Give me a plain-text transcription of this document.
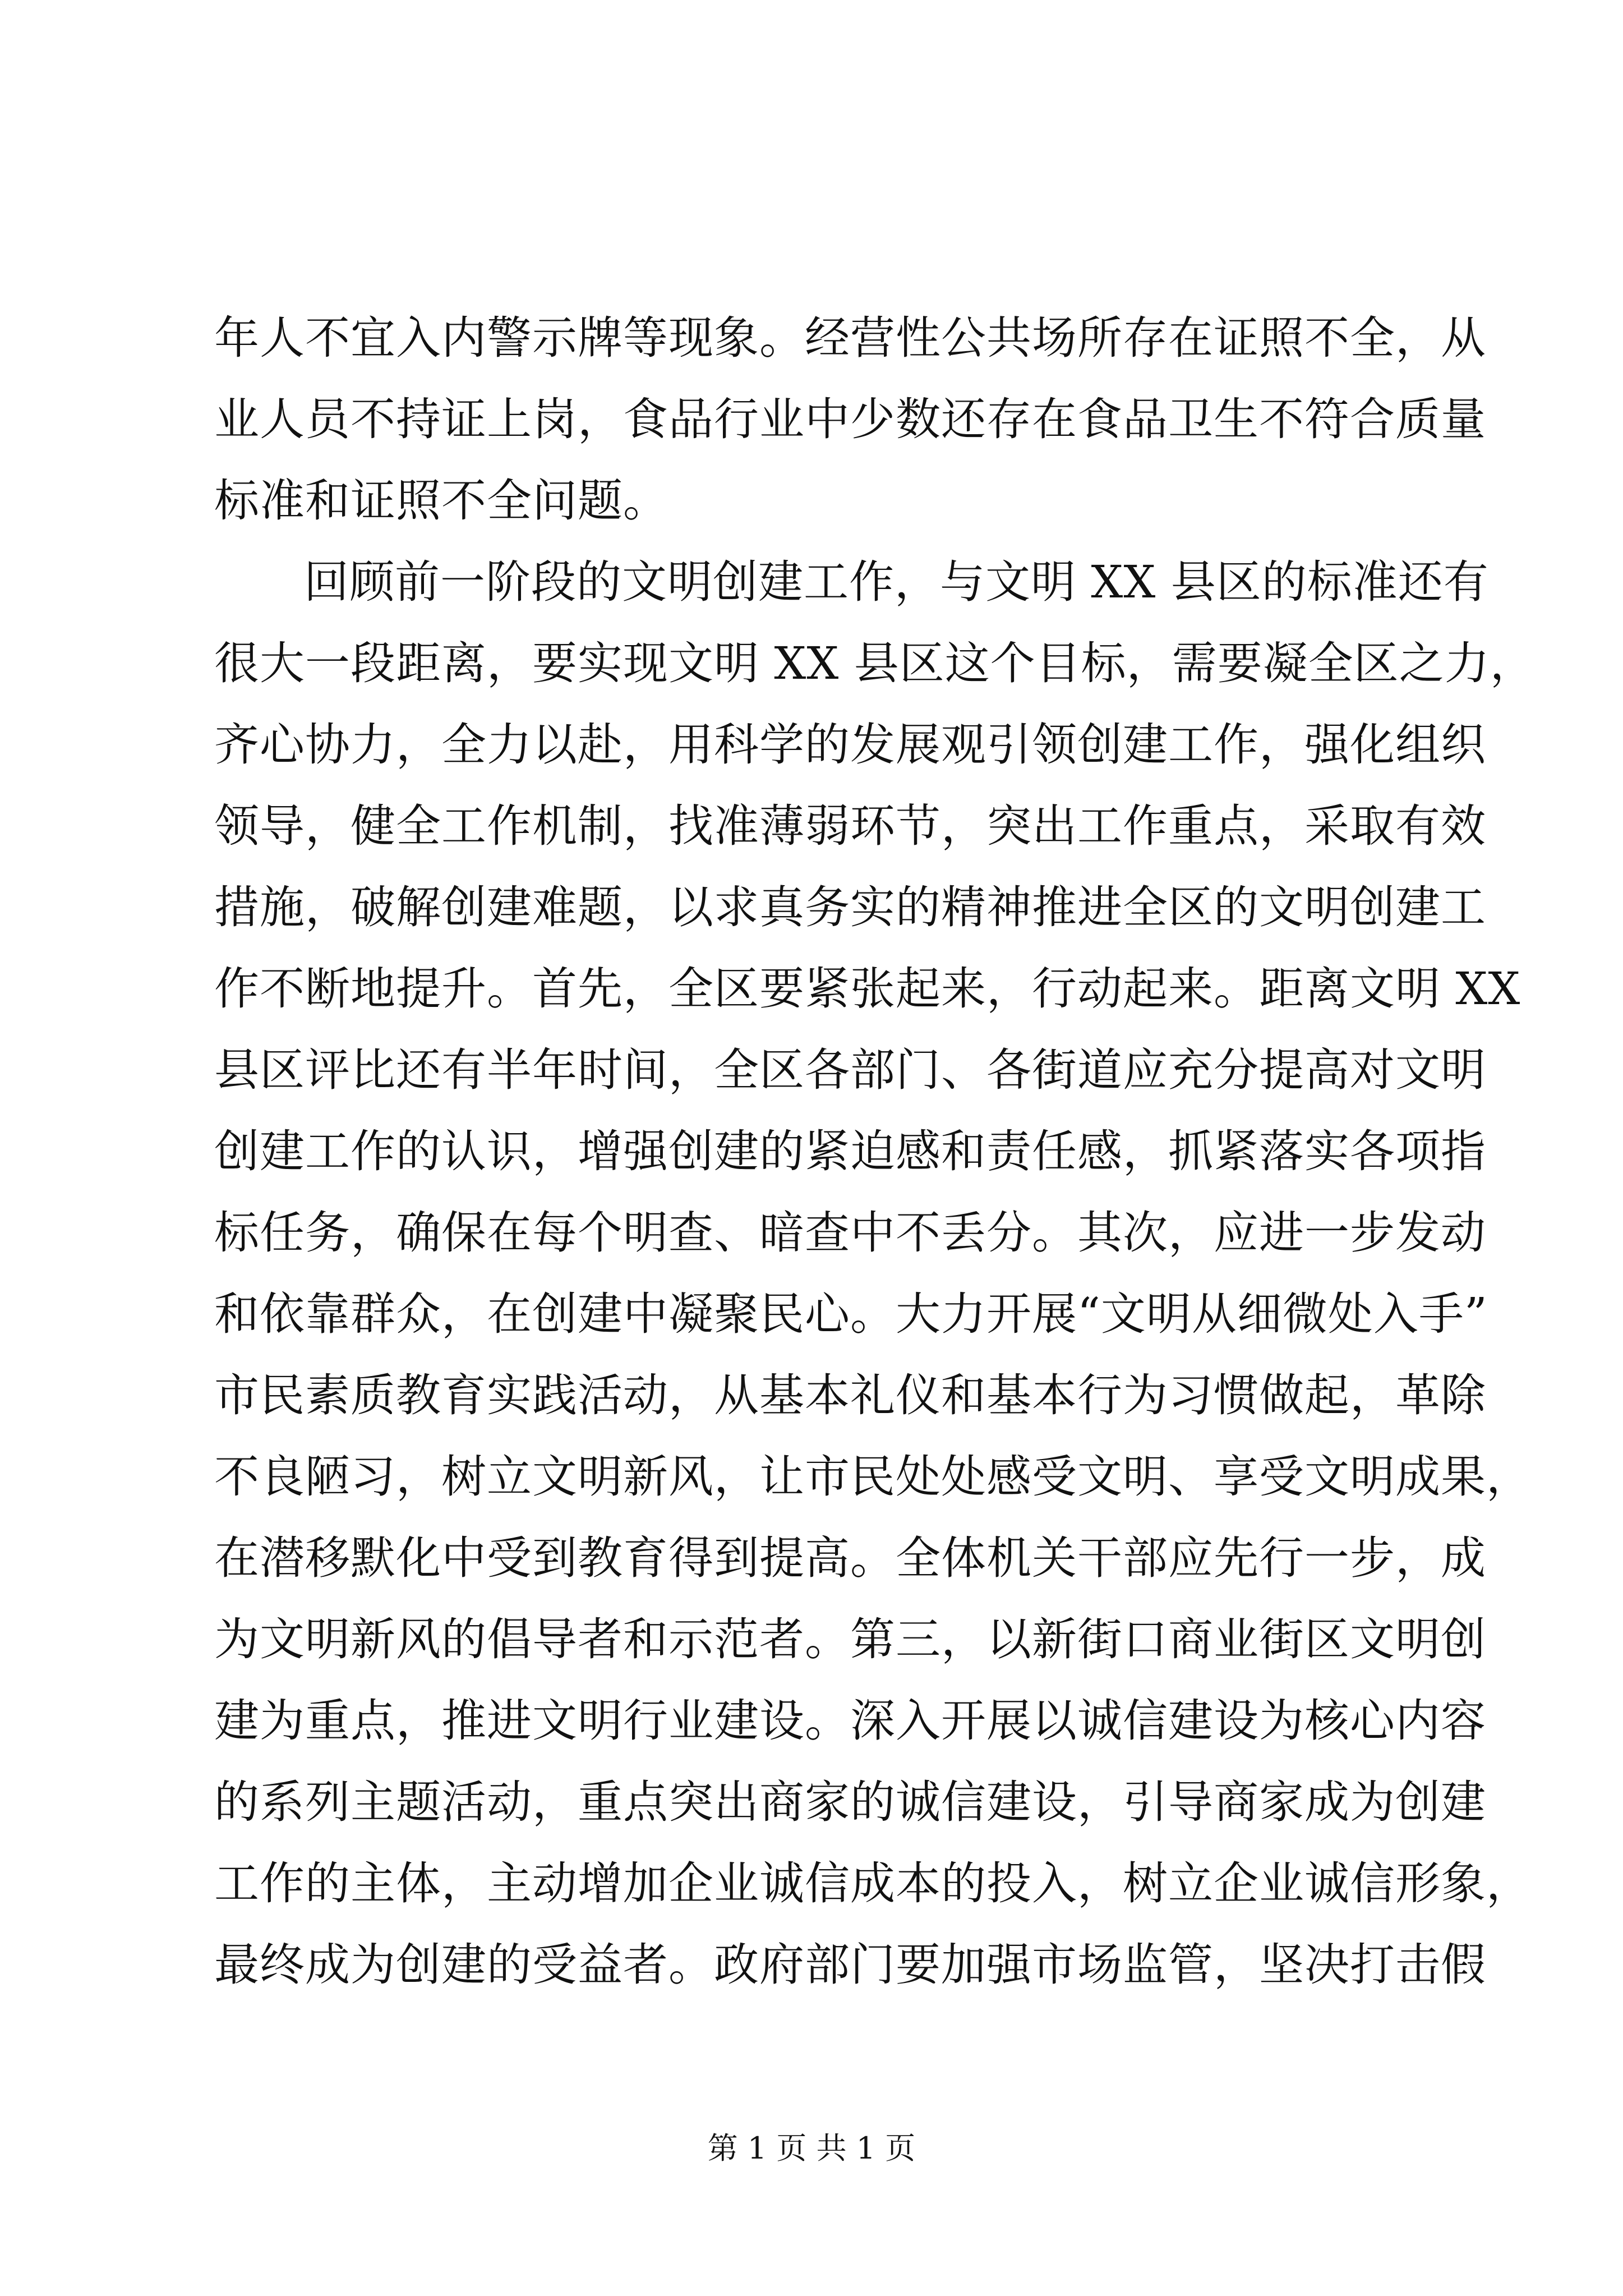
年人不宜入内警示牌等现象。经营性公共场所存在证照不全，从
业人员不持证上岗，食品行业中少数还存在食品卫生不符合质量
标准和证照不全问题。
回顾前一阶段的文明创建工作，与文明 XX 县区的标准还有
很大一段距离，要实现文明 XX 县区这个目标，需要凝全区之力，
齐心协力，全力以赴，用科学的发展观引领创建工作，强化组织
领导，健全工作机制，找准薄弱环节，突出工作重点，采取有效
措施，破解创建难题，以求真务实的精神推进全区的文明创建工
作不断地提升。首先，全区要紧张起来，行动起来。距离文明 XX
县区评比还有半年时间，全区各部门、各街道应充分提高对文明
创建工作的认识，增强创建的紧迫感和责任感，抓紧落实各项指
标任务，确保在每个明查、暗查中不丢分。其次，应进一步发动
和依靠群众，在创建中凝聚民心。大力开展“文明从细微处入手”
市民素质教育实践活动，从基本礼仪和基本行为习惯做起，革除
不良陋习，树立文明新风，让市民处处感受文明、享受文明成果，
在潜移默化中受到教育得到提高。全体机关干部应先行一步，成
为文明新风的倡导者和示范者。第三，以新街口商业街区文明创
建为重点，推进文明行业建设。深入开展以诚信建设为核心内容
的系列主题活动，重点突出商家的诚信建设，引导商家成为创建
工作的主体，主动增加企业诚信成本的投入，树立企业诚信形象，
最终成为创建的受益者。政府部门要加强市场监管，坚决打击假
第 1 页 共 1 页
